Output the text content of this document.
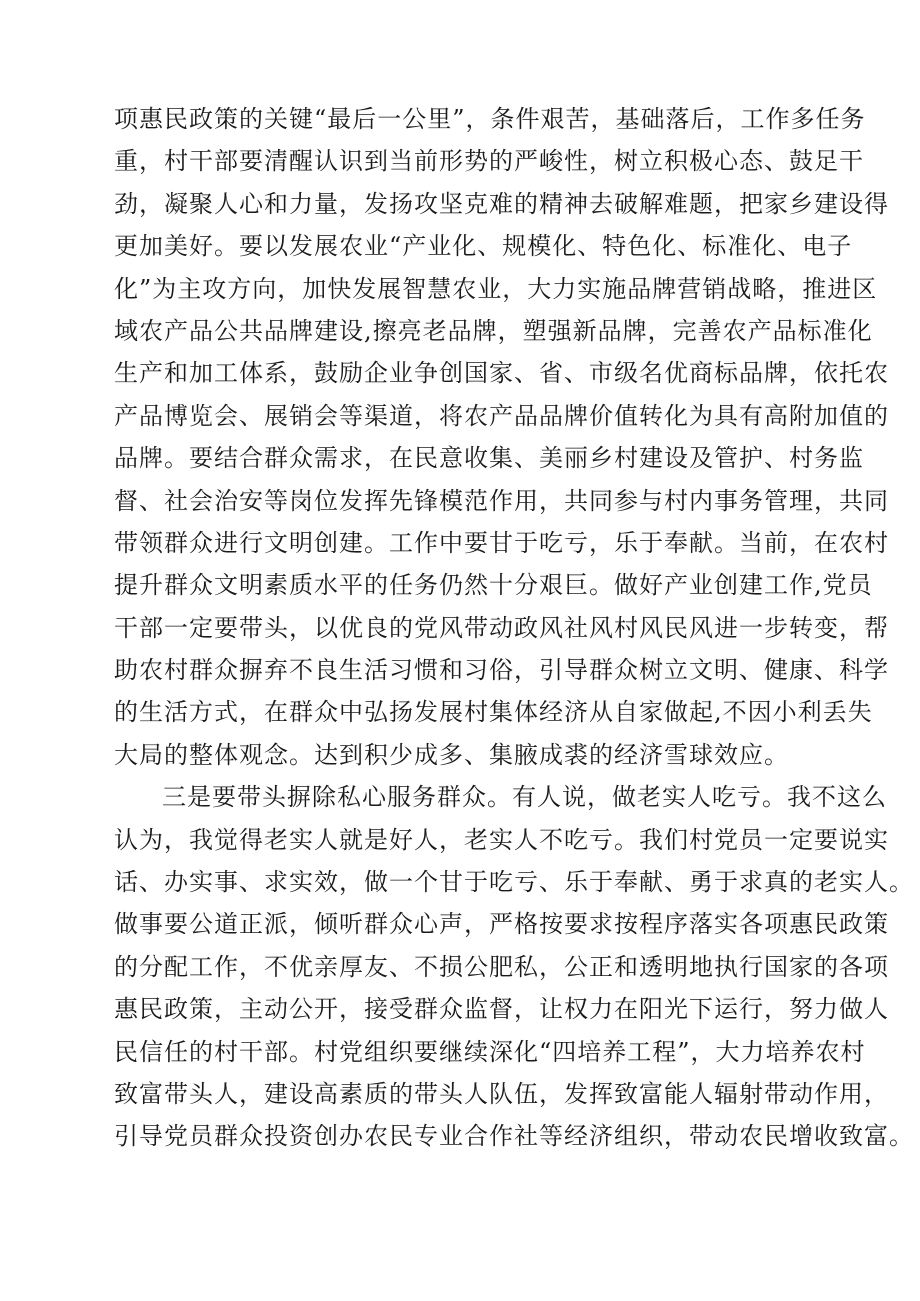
项惠民政策的关键“最后一公里”，条件艰苦，基础落后，工作多任务
重，村干部要清醒认识到当前形势的严峻性，树立积极心态、鼓足干
劲，凝聚人心和力量，发扬攻坚克难的精神去破解难题，把家乡建设得
更加美好。要以发展农业“产业化、规模化、特色化、标准化、电子
化”为主攻方向，加快发展智慧农业，大力实施品牌营销战略，推进区
域农产品公共品牌建设,擦亮老品牌，塑强新品牌，完善农产品标准化
生产和加工体系，鼓励企业争创国家、省、市级名优商标品牌，依托农
产品博览会、展销会等渠道，将农产品品牌价值转化为具有高附加值的
品牌。要结合群众需求，在民意收集、美丽乡村建设及管护、村务监
督、社会治安等岗位发挥先锋模范作用，共同参与村内事务管理，共同
带领群众进行文明创建。工作中要甘于吃亏，乐于奉献。当前，在农村
提升群众文明素质水平的任务仍然十分艰巨。做好产业创建工作,党员
干部一定要带头，以优良的党风带动政风社风村风民风进一步转变，帮
助农村群众摒弃不良生活习惯和习俗，引导群众树立文明、健康、科学
的生活方式，在群众中弘扬发展村集体经济从自家做起,不因小利丢失
大局的整体观念。达到积少成多、集腋成裘的经济雪球效应。
三是要带头摒除私心服务群众。有人说，做老实人吃亏。我不这么
认为，我觉得老实人就是好人，老实人不吃亏。我们村党员一定要说实
话、办实事、求实效，做一个甘于吃亏、乐于奉献、勇于求真的老实人。
做事要公道正派，倾听群众心声，严格按要求按程序落实各项惠民政策
的分配工作，不优亲厚友、不损公肥私，公正和透明地执行国家的各项
惠民政策，主动公开，接受群众监督，让权力在阳光下运行，努力做人
民信任的村干部。村党组织要继续深化“四培养工程”，大力培养农村
致富带头人，建设高素质的带头人队伍，发挥致富能人辐射带动作用，
引导党员群众投资创办农民专业合作社等经济组织，带动农民增收致富。
